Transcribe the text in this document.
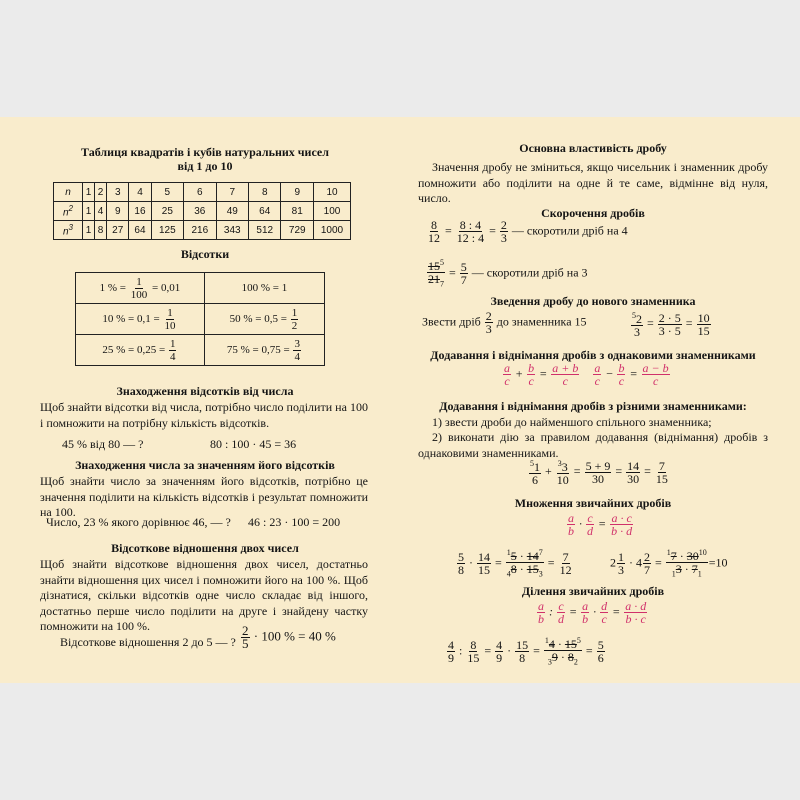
Таблиця квадратів і кубів натуральних чисел
від 1 до 10
n	1	2	3	4	5	6	7	8	9	10
$n^2$	1	4	9	16	25	36	49	64	81	100
$n^3$	1	8	27	64	125	216	343	512	729	1000
Відсотки
1 % = $\frac{1}{100} = 0,01$	100 % = 1
10 % = $0,1 = \frac{1}{10}$	50 % = $0,5 = \frac{1}{2}$

25 % = $0,25 = \frac{1}{4}$	75 % = $0,75 = \frac{3}{4}$
Знаходження відсотків від числа
Щоб знайти відсотки від числа, потрібно число поділити на 100 і помножити на потрібну кількість відсотків.
45 % від 80 — ?	80 : 100 · 45 = 36
Знаходження числа за значенням його відсотків
Щоб знайти число за значенням його відсотків, потрібно це значення поділити на кількість відсотків і результат помножити на 100.
Число, 23 % якого дорівнює 46, — ? 46 : 23 · 100 = 200
Відсоткове відношення двох чисел
Щоб знайти відсоткове відношення двох чисел, достатньо знайти відношення цих чисел і помножити його на 100 %. Щоб дізнатися, скільки відсотків одне число складає від іншого, достатньо перше число поділити на друге і знайдену частку помножити на 100 %.
Відсоткове відношення 2 до 5 — ? $\frac{2}{5} \cdot 100$ % = 40 %
Основна властивість дробу
Значення дробу не зміниться, якщо чисельник і знаменник дробу помножити або поділити на одне й те саме, відмінне від нуля, число.
Скорочення дробів
$\frac{8}{12} = \frac{8 : 4}{12 : 4} = \frac{2}{3}$ — скоротили дріб на 4
$\frac{15^5}{21_7} = \frac{5}{7}$ — скоротили дріб на 3
Зведення дробу до нового знаменника
Звести дріб $\frac{2}{3}$ до знаменника 15	$\frac{^52}{3} = \frac{2 \cdot 5}{3 \cdot 5} = \frac{10}{15}$
Додавання і віднімання дробів з однаковими знаменниками
$\frac{a}{c} + \frac{b}{c} = \frac{a + b}{c}$
$\frac{a}{c} - \frac{b}{c} = \frac{a - b}{c}$
Додавання і віднімання дробів з різними знаменниками:
1) звести дроби до найменшого спільного знаменника;
2) виконати дію за правилом додавання (віднімання) дробів з однаковими знаменниками.
$\frac{^51}{6} + \frac{^33}{10} = \frac{5 + 9}{30} = \frac{14}{30} = \frac{7}{15}$
Множення звичайних дробів
$\frac{a}{b} \cdot \frac{c}{d} = \frac{a \cdot c}{b \cdot d}$
$\frac{5}{8} \cdot \frac{14}{15} = \frac{^15 \cdot 14^7}{_48 \cdot 15_3} = \frac{7}{12}$	$2 \frac{1}{3} \cdot 4 \frac{2}{7} = \frac{^17 \cdot 30^{10}}{_13 \cdot 7_1} =10$
Ділення звичайних дробів
$\frac{a}{b}$ : $\frac{c}{d} = \frac{a}{b} \cdot \frac{d}{c} = \frac{a \cdot d}{b \cdot c}$
$\frac{4}{9}$ : $\frac{8}{15} = \frac{4}{9} \cdot \frac{15}{8} = \frac{^14 \cdot 15^5}{_39 \cdot 8_2} = \frac{5}{6}$
